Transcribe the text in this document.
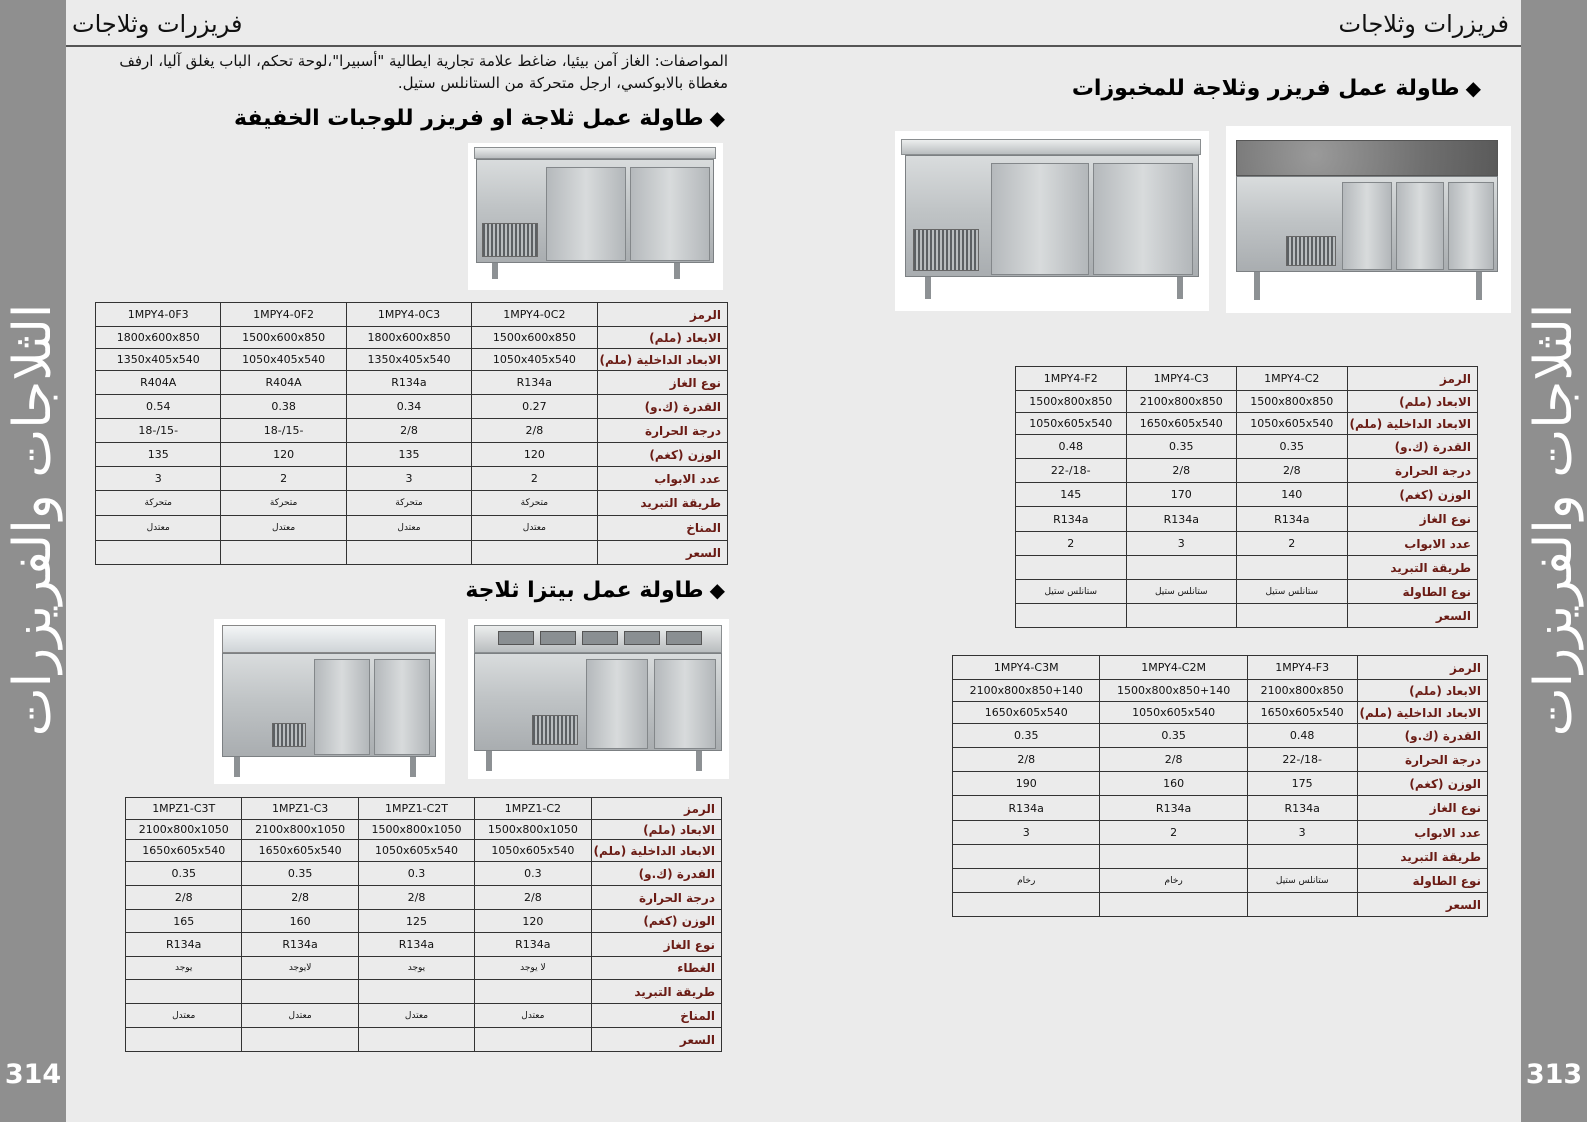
الثلاجات والفريزرات
314
الثلاجات والفريزرات
313
فريزرات وثلاجات	فريزرات وثلاجات
المواصفات: الغاز آمن بيئيا، ضاغط علامة تجارية ايطالية "أسبيرا"،لوحة تحكم، الباب يغلق آليا، ارفف مغطاة بالابوكسي، ارجل متحركة من الستانلس ستيل.
◆طاولة عمل ثلاجة او فريزر للوجبات الخفيفة
◆طاولة عمل بيتزا ثلاجة
◆طاولة عمل فريزر وثلاجة للمخبوزات
الرمز	1MPY4-0C2	1MPY4-0C3	1MPY4-0F2	1MPY4-0F3
الابعاد (ملم)	1500x600x850	1800x600x850	1500x600x850	1800x600x850
الابعاد الداخلية (ملم)	1050x405x540	1350x405x540	1050x405x540	1350x405x540
نوع الغاز	R134a	R134a	R404A	R404A
القدرة (ك.و)	0.27	0.34	0.38	0.54
درجة الحرارة	2/8	2/8	-15/-18	-15/-18
الوزن (كغم)	120	135	120	135
عدد الابواب	2	3	2	3
طريقة التبريد	متحركة	متحركة	متحركة	متحركة
المناخ	معتدل	معتدل	معتدل	معتدل
السعر				
الرمز	1MPZ1-C2	1MPZ1-C2T	1MPZ1-C3	1MPZ1-C3T
الابعاد (ملم)	1500x800x1050	1500x800x1050	2100x800x1050	2100x800x1050
الابعاد الداخلية (ملم)	1050x605x540	1050x605x540	1650x605x540	1650x605x540
القدرة (ك.و)	0.3	0.3	0.35	0.35
درجة الحرارة	2/8	2/8	2/8	2/8
الوزن (كغم)	120	125	160	165
نوع الغاز	R134a	R134a	R134a	R134a
الغطاء	لا يوجد	يوجد	لايوجد	يوجد
طريقة التبريد				
المناخ	معتدل	معتدل	معتدل	معتدل
السعر				
الرمز	1MPY4-C2	1MPY4-C3	1MPY4-F2
الابعاد (ملم)	1500x800x850	2100x800x850	1500x800x850
الابعاد الداخلية (ملم)	1050x605x540	1650x605x540	1050x605x540
القدرة (ك.و)	0.35	0.35	0.48
درجة الحرارة	2/8	2/8	-18/-22
الوزن (كغم)	140	170	145
نوع الغاز	R134a	R134a	R134a
عدد الابواب	2	3	2
طريقة التبريد			
نوع الطاولة	ستانلس ستيل	ستانلس ستيل	ستانلس ستيل
السعر			
الرمز	1MPY4-F3	1MPY4-C2M	1MPY4-C3M
الابعاد (ملم)	2100x800x850	1500x800x850+140	2100x800x850+140
الابعاد الداخلية (ملم)	1650x605x540	1050x605x540	1650x605x540
القدرة (ك.و)	0.48	0.35	0.35
درجة الحرارة	-18/-22	2/8	2/8
الوزن (كغم)	175	160	190
نوع الغاز	R134a	R134a	R134a
عدد الابواب	3	2	3
طريقة التبريد			
نوع الطاولة	ستانلس ستيل	رخام	رخام
السعر			
